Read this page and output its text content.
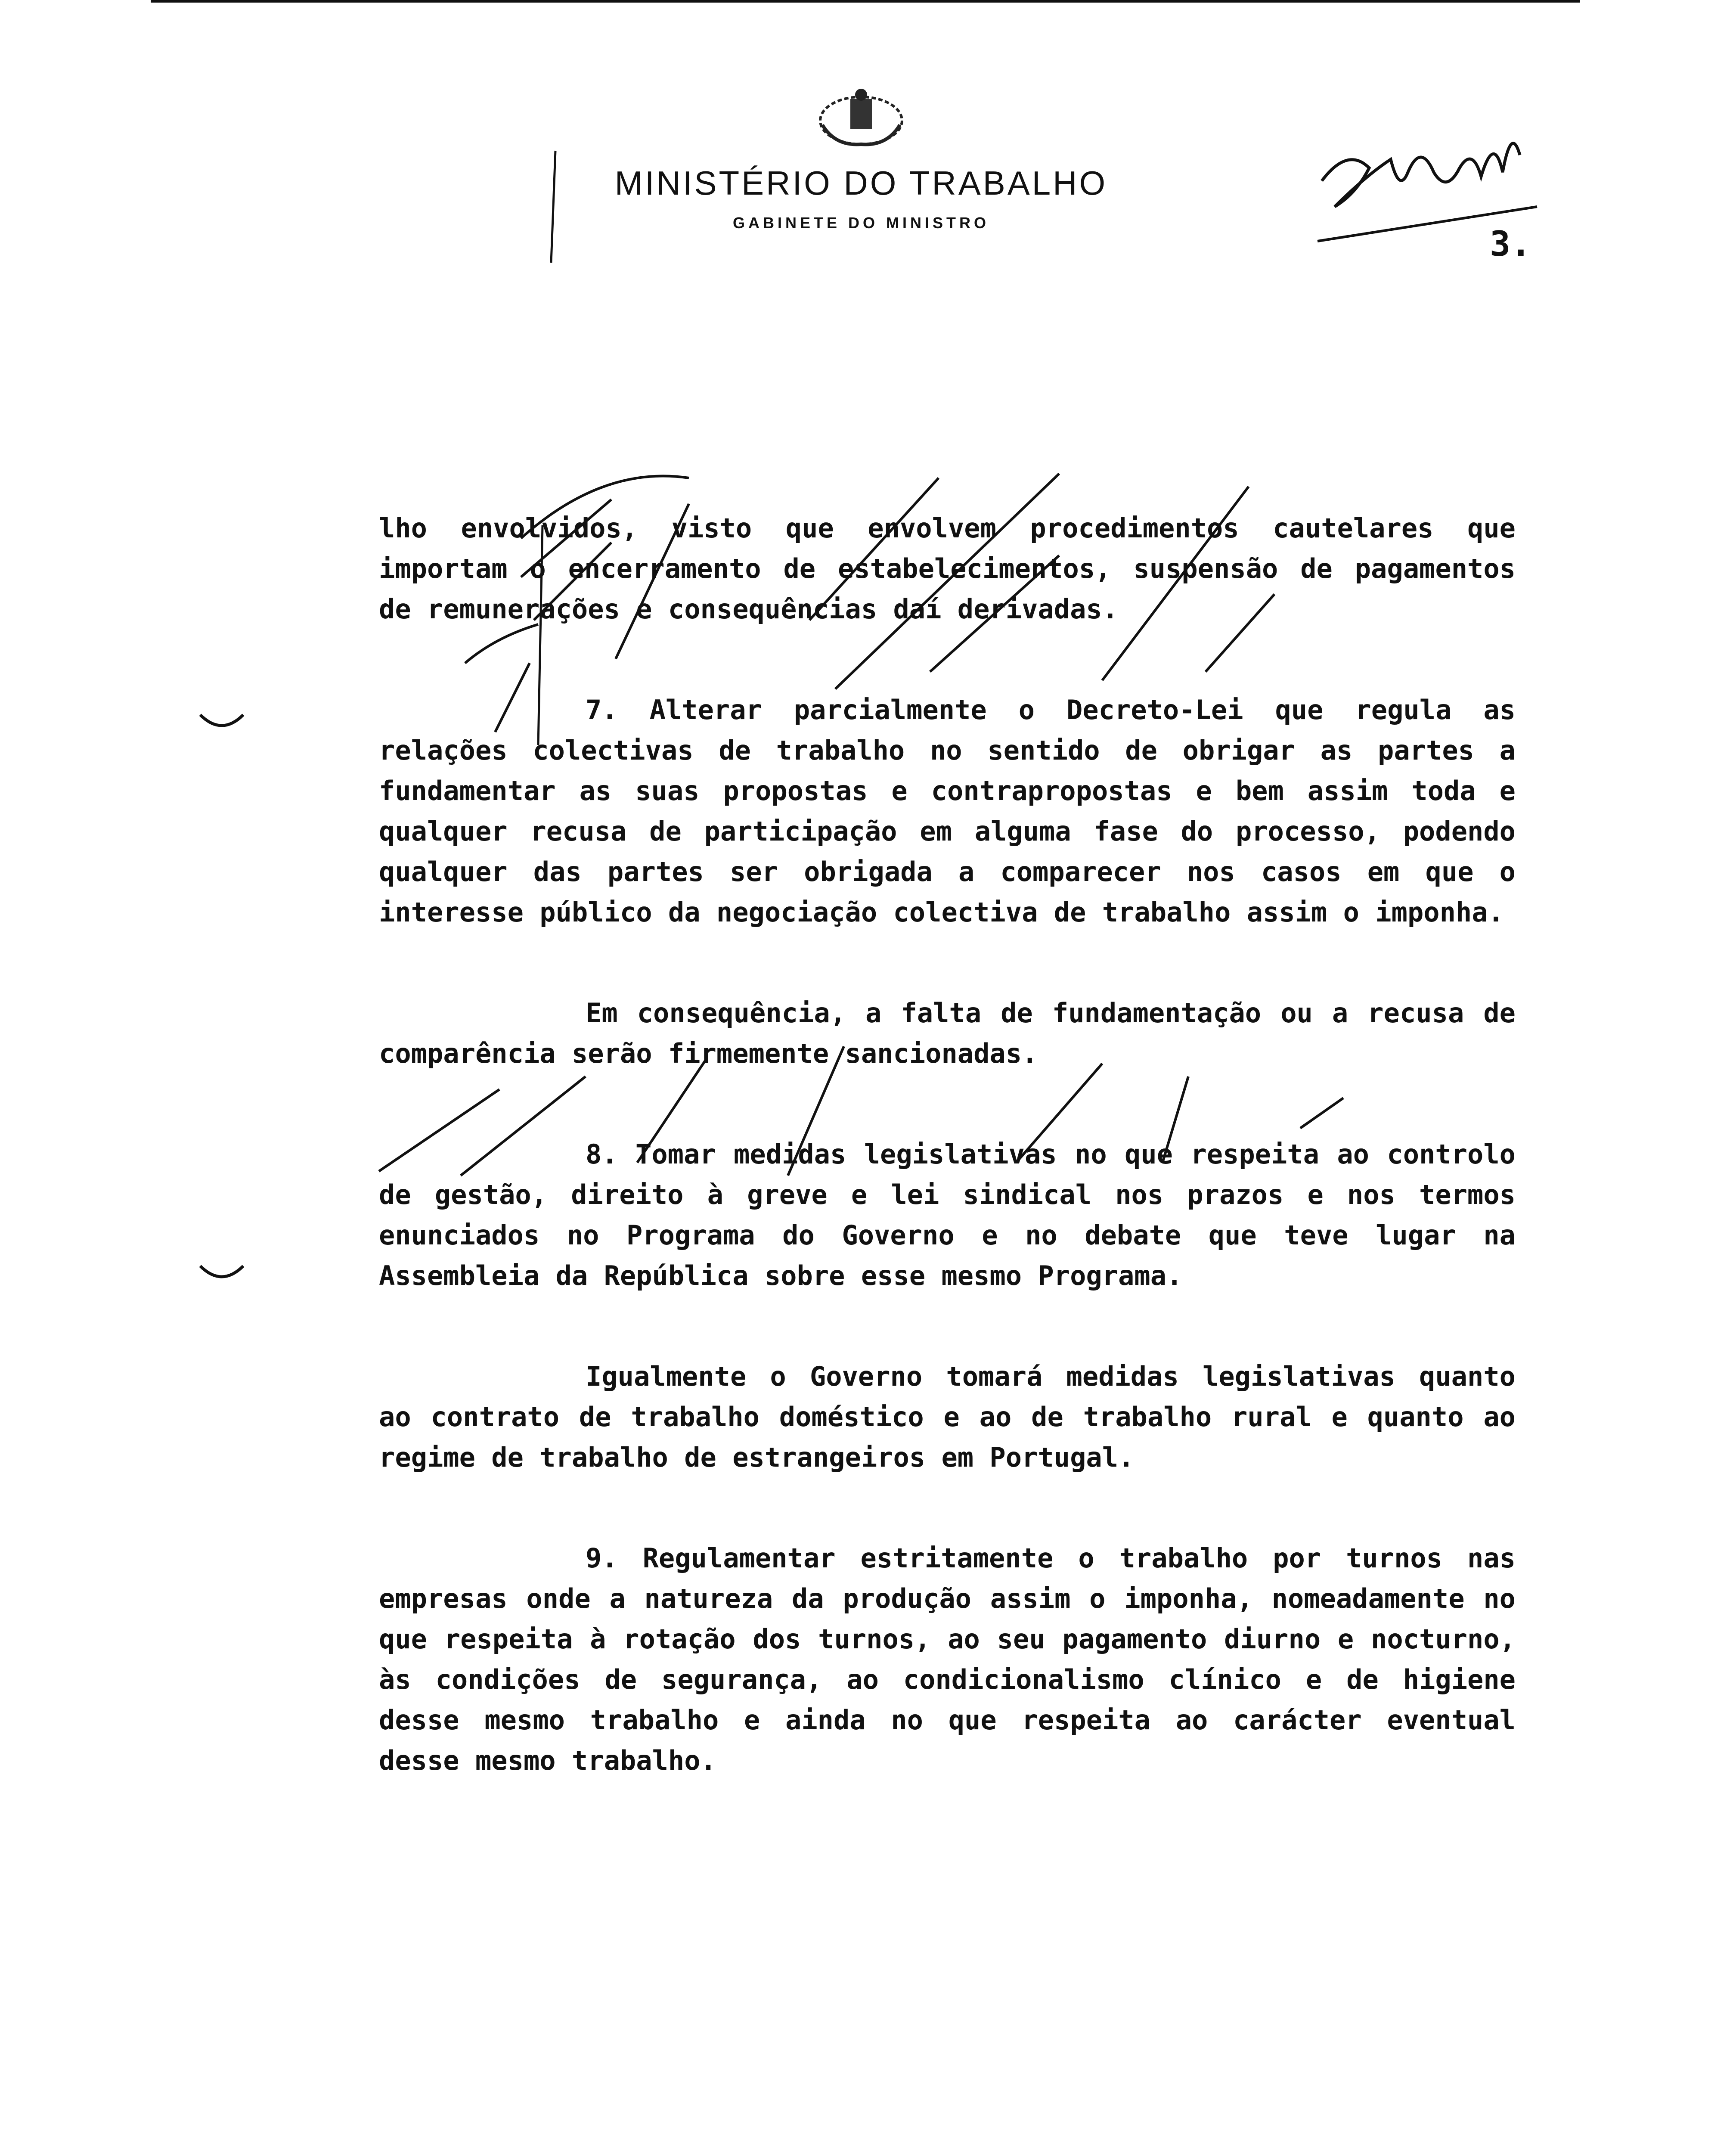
MINISTÉRIO DO TRABALHO

GABINETE DO MINISTRO

3.

lho envolvidos, visto que envolvem procedimentos cautelares que importam o encerramento de estabelecimentos, suspensão de pagamentos de remunerações e consequências daí derivadas.

7. Alterar parcialmente o Decreto-Lei que regula as relações colectivas de trabalho no sentido de obrigar as partes a fundamentar as suas propostas e contrapropostas e bem assim toda e qualquer recusa de participação em alguma fase do processo, podendo qualquer das partes ser obrigada a comparecer nos casos em que o interesse público da negociação colectiva de trabalho assim o imponha.

Em consequência, a falta de fundamentação ou a recusa de comparência serão firmemente sancionadas.

8. Tomar medidas legislativas no que respeita ao controlo de gestão, direito à greve e lei sindical nos prazos e nos termos enunciados no Programa do Governo e no debate que teve lugar na Assembleia da República sobre esse mesmo Programa.

Igualmente o Governo tomará medidas legislativas quanto ao contrato de trabalho doméstico e ao de trabalho rural e quanto ao regime de trabalho de estrangeiros em Portugal.

9. Regulamentar estritamente o trabalho por turnos nas empresas onde a natureza da produção assim o imponha, nomeadamente no que respeita à rotação dos turnos, ao seu pagamento diurno e nocturno, às condições de segurança, ao condicionalismo clínico e de higiene desse mesmo trabalho e ainda no que respeita ao carácter eventual desse mesmo trabalho.
